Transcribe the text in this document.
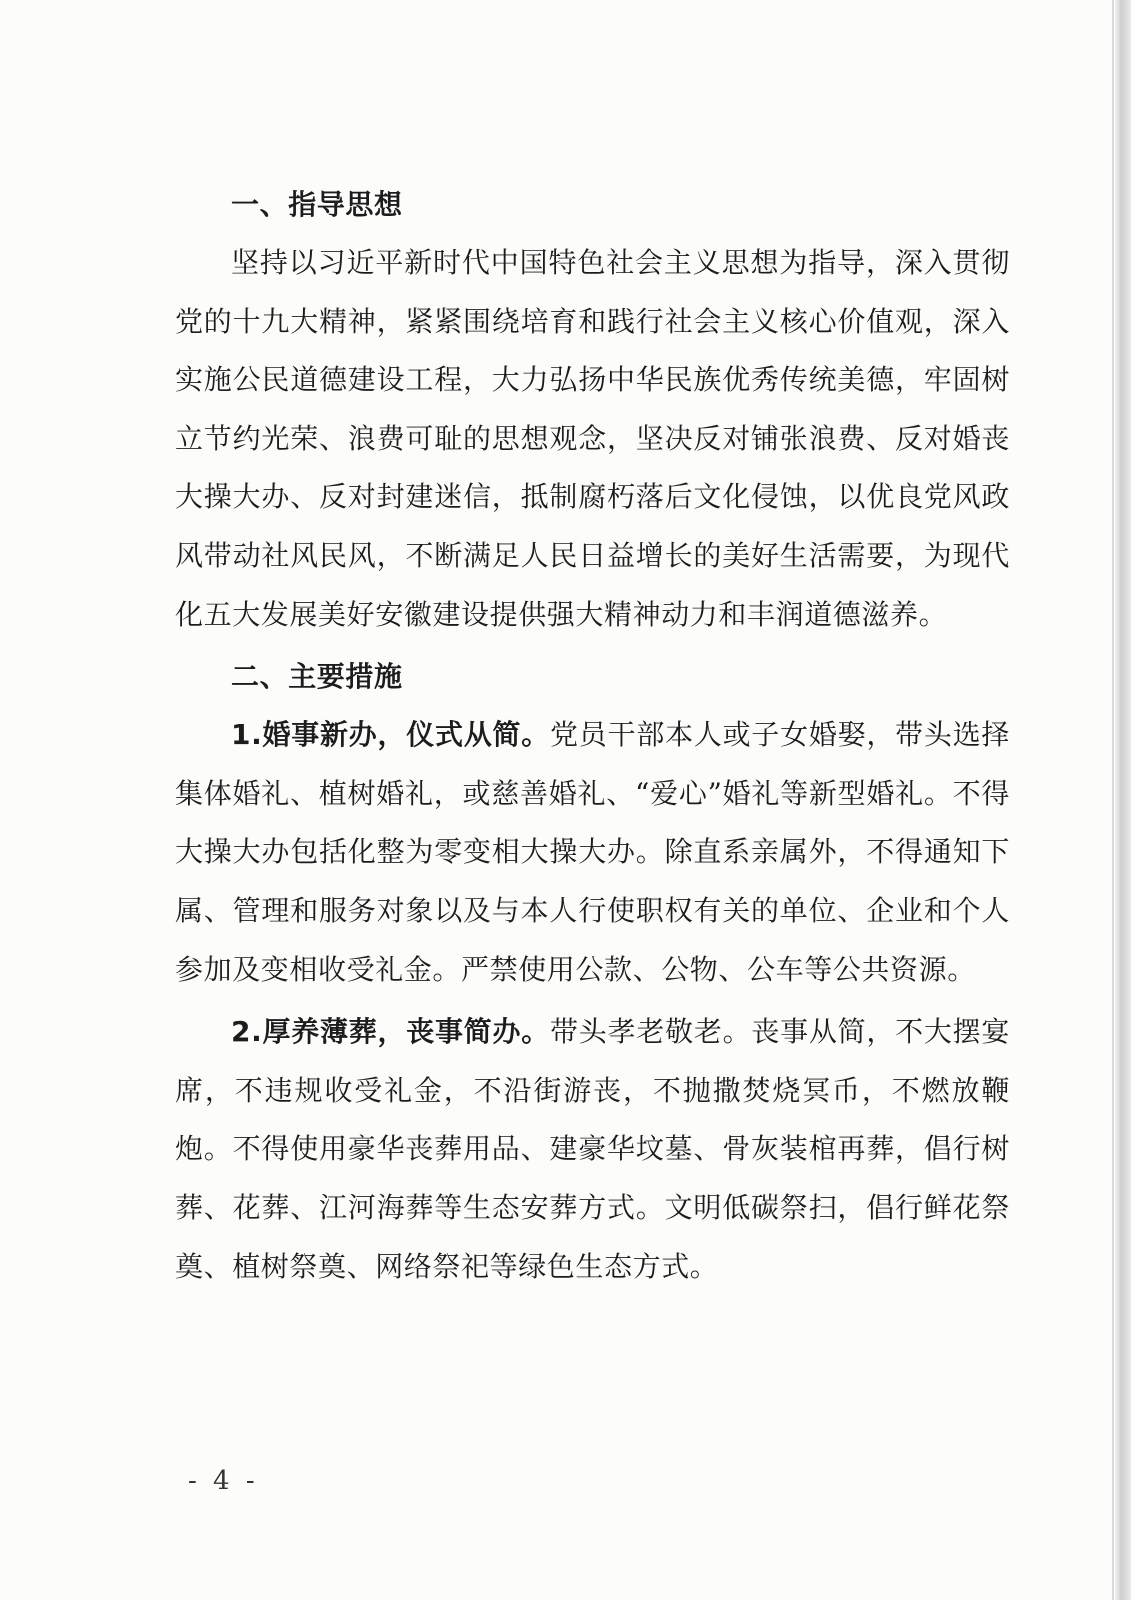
一、指导思想

坚持以习近平新时代中国特色社会主义思想为指导，深入贯彻党的十九大精神，紧紧围绕培育和践行社会主义核心价值观，深入实施公民道德建设工程，大力弘扬中华民族优秀传统美德，牢固树立节约光荣、浪费可耻的思想观念，坚决反对铺张浪费、反对婚丧大操大办、反对封建迷信，抵制腐朽落后文化侵蚀，以优良党风政风带动社风民风，不断满足人民日益增长的美好生活需要，为现代化五大发展美好安徽建设提供强大精神动力和丰润道德滋养。

二、主要措施

1.婚事新办，仪式从简。党员干部本人或子女婚娶，带头选择集体婚礼、植树婚礼，或慈善婚礼、“爱心”婚礼等新型婚礼。不得大操大办包括化整为零变相大操大办。除直系亲属外，不得通知下属、管理和服务对象以及与本人行使职权有关的单位、企业和个人参加及变相收受礼金。严禁使用公款、公物、公车等公共资源。

2.厚养薄葬，丧事简办。带头孝老敬老。丧事从简，不大摆宴席，不违规收受礼金，不沿街游丧，不抛撒焚烧冥币，不燃放鞭炮。不得使用豪华丧葬用品、建豪华坟墓、骨灰装棺再葬，倡行树葬、花葬、江河海葬等生态安葬方式。文明低碳祭扫，倡行鲜花祭奠、植树祭奠、网络祭祀等绿色生态方式。

- 4 -
